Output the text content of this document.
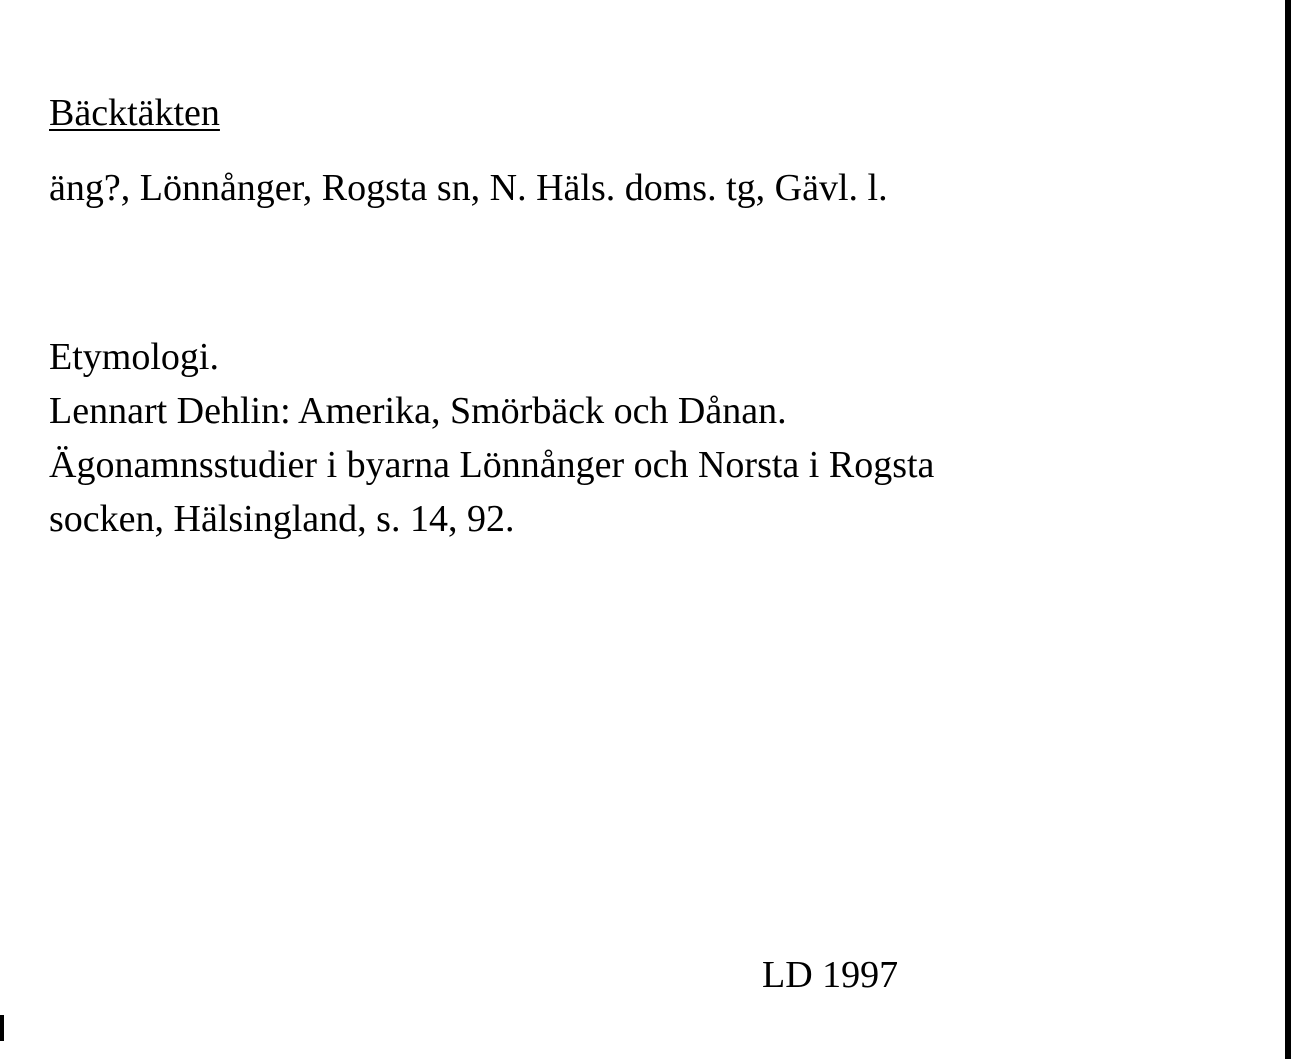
Bäcktäkten
äng?, Lönnånger, Rogsta sn, N. Häls. doms. tg, Gävl. l.
Etymologi.
Lennart Dehlin: Amerika, Smörbäck och Dånan.
Ägonamnsstudier i byarna Lönnånger och Norsta i Rogsta
socken, Hälsingland, s. 14, 92.
LD 1997
